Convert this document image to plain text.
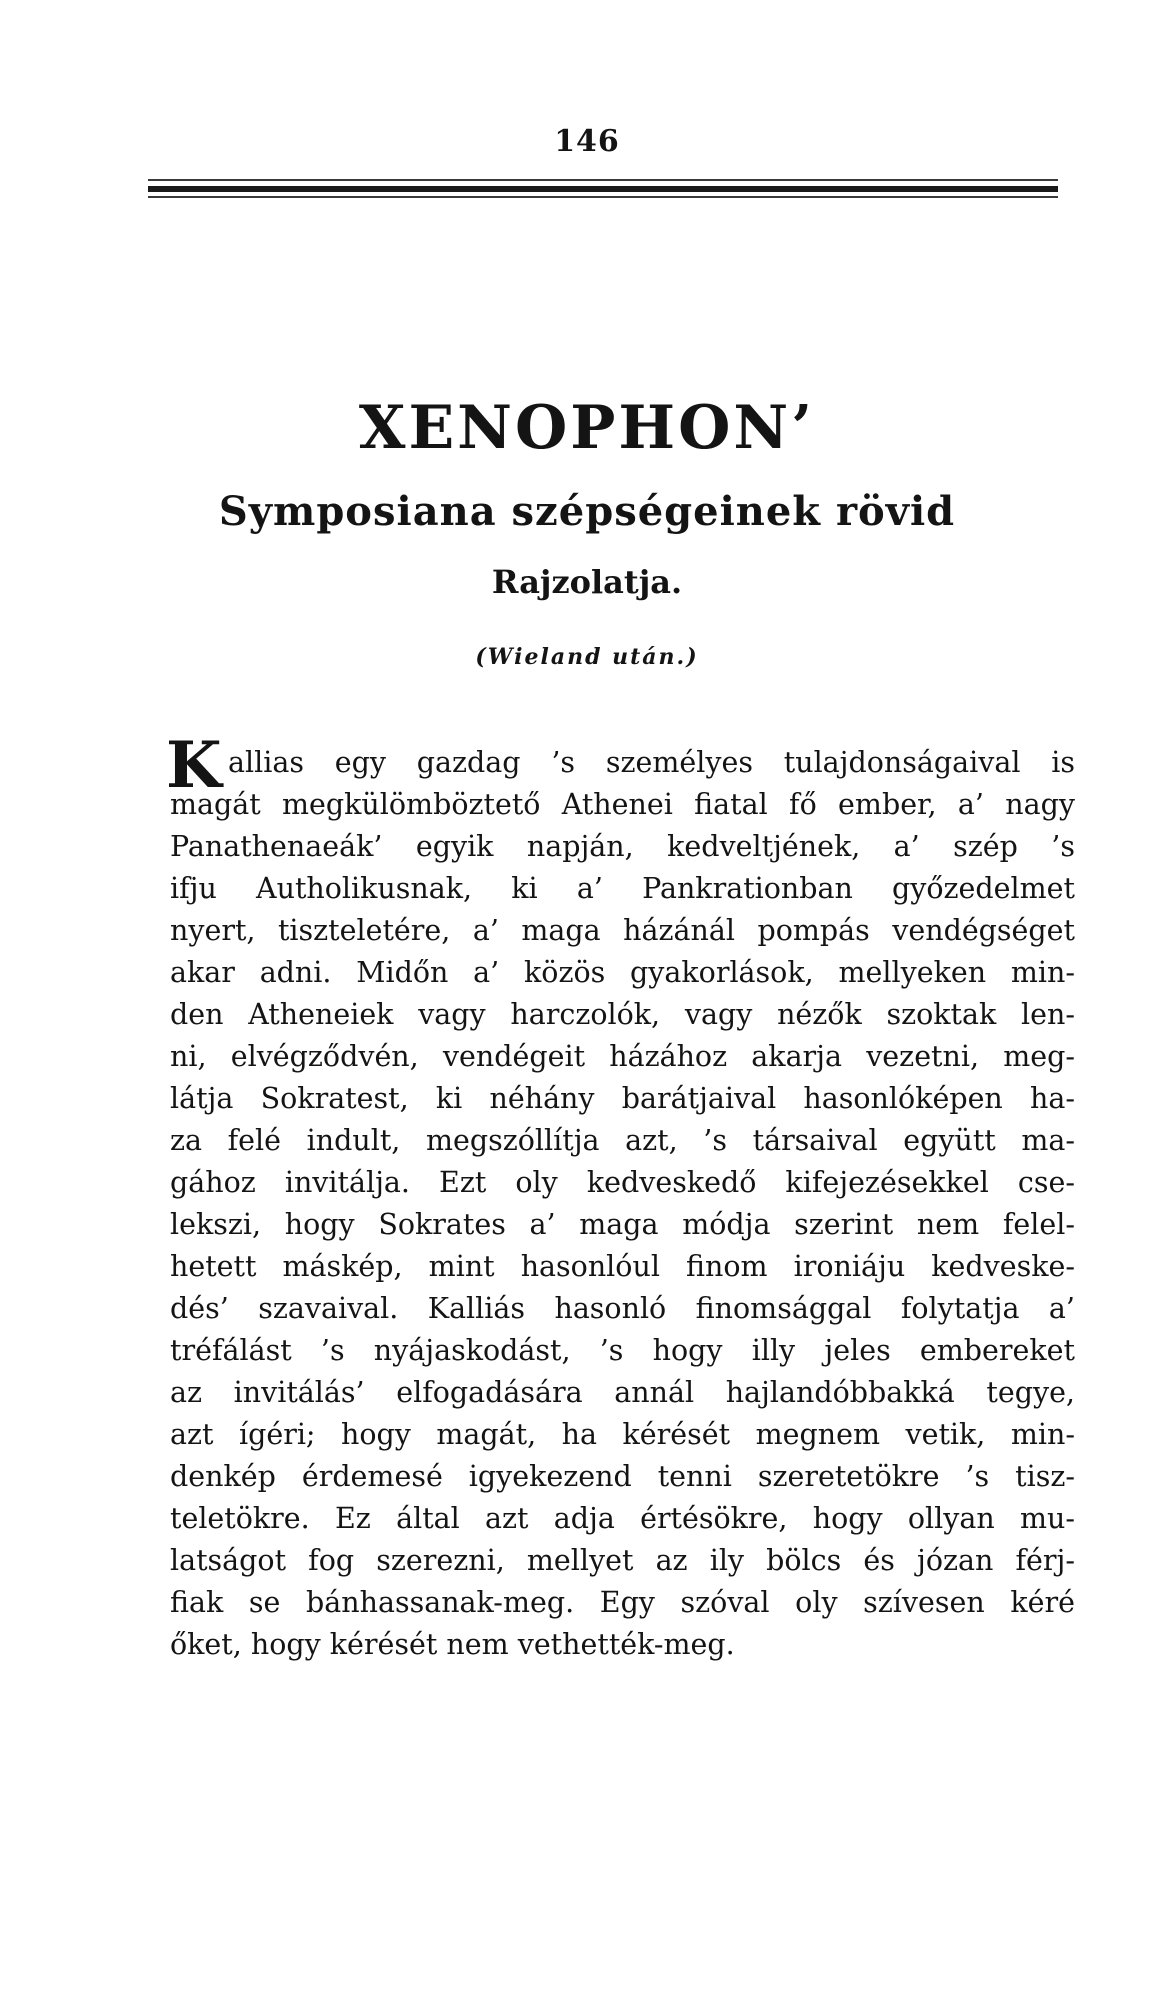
146
XENOPHON’
Symposiana szépségeinek rövid
Rajzolatja.
(Wieland után.)
K allias egy gazdag ’s személyes tulajdonságaival is
magát megkülömböztető Athenei fiatal fő ember, a’ nagy
Panathenaeák’ egyik napján, kedveltjének, a’ szép ’s
ifju Autholikusnak, ki a’ Pankrationban győzedelmet
nyert, tiszteletére, a’ maga házánál pompás vendégséget
akar adni. Midőn a’ közös gyakorlások, mellyeken min-
den Atheneiek vagy harczolók, vagy nézők szoktak len-
ni, elvégződvén, vendégeit házához akarja vezetni, meg-
látja Sokratest, ki néhány barátjaival hasonlóképen ha-
za felé indult, megszóllítja azt, ’s társaival együtt ma-
gához invitálja. Ezt oly kedveskedő kifejezésekkel cse-
lekszi, hogy Sokrates a’ maga módja szerint nem felel-
hetett máskép, mint hasonlóul finom ironiáju kedveske-
dés’ szavaival. Kalliás hasonló finomsággal folytatja a’
tréfálást ’s nyájaskodást, ’s hogy illy jeles embereket
az invitálás’ elfogadására annál hajlandóbbakká tegye,
azt ígéri; hogy magát, ha kérését megnem vetik, min-
denkép érdemesé igyekezend tenni szeretetökre ’s tisz-
teletökre. Ez által azt adja értésökre, hogy ollyan mu-
latságot fog szerezni, mellyet az ily bölcs és józan férj-
fiak se bánhassanak-meg. Egy szóval oly szívesen kéré
őket, hogy kérését nem vethették-meg.
